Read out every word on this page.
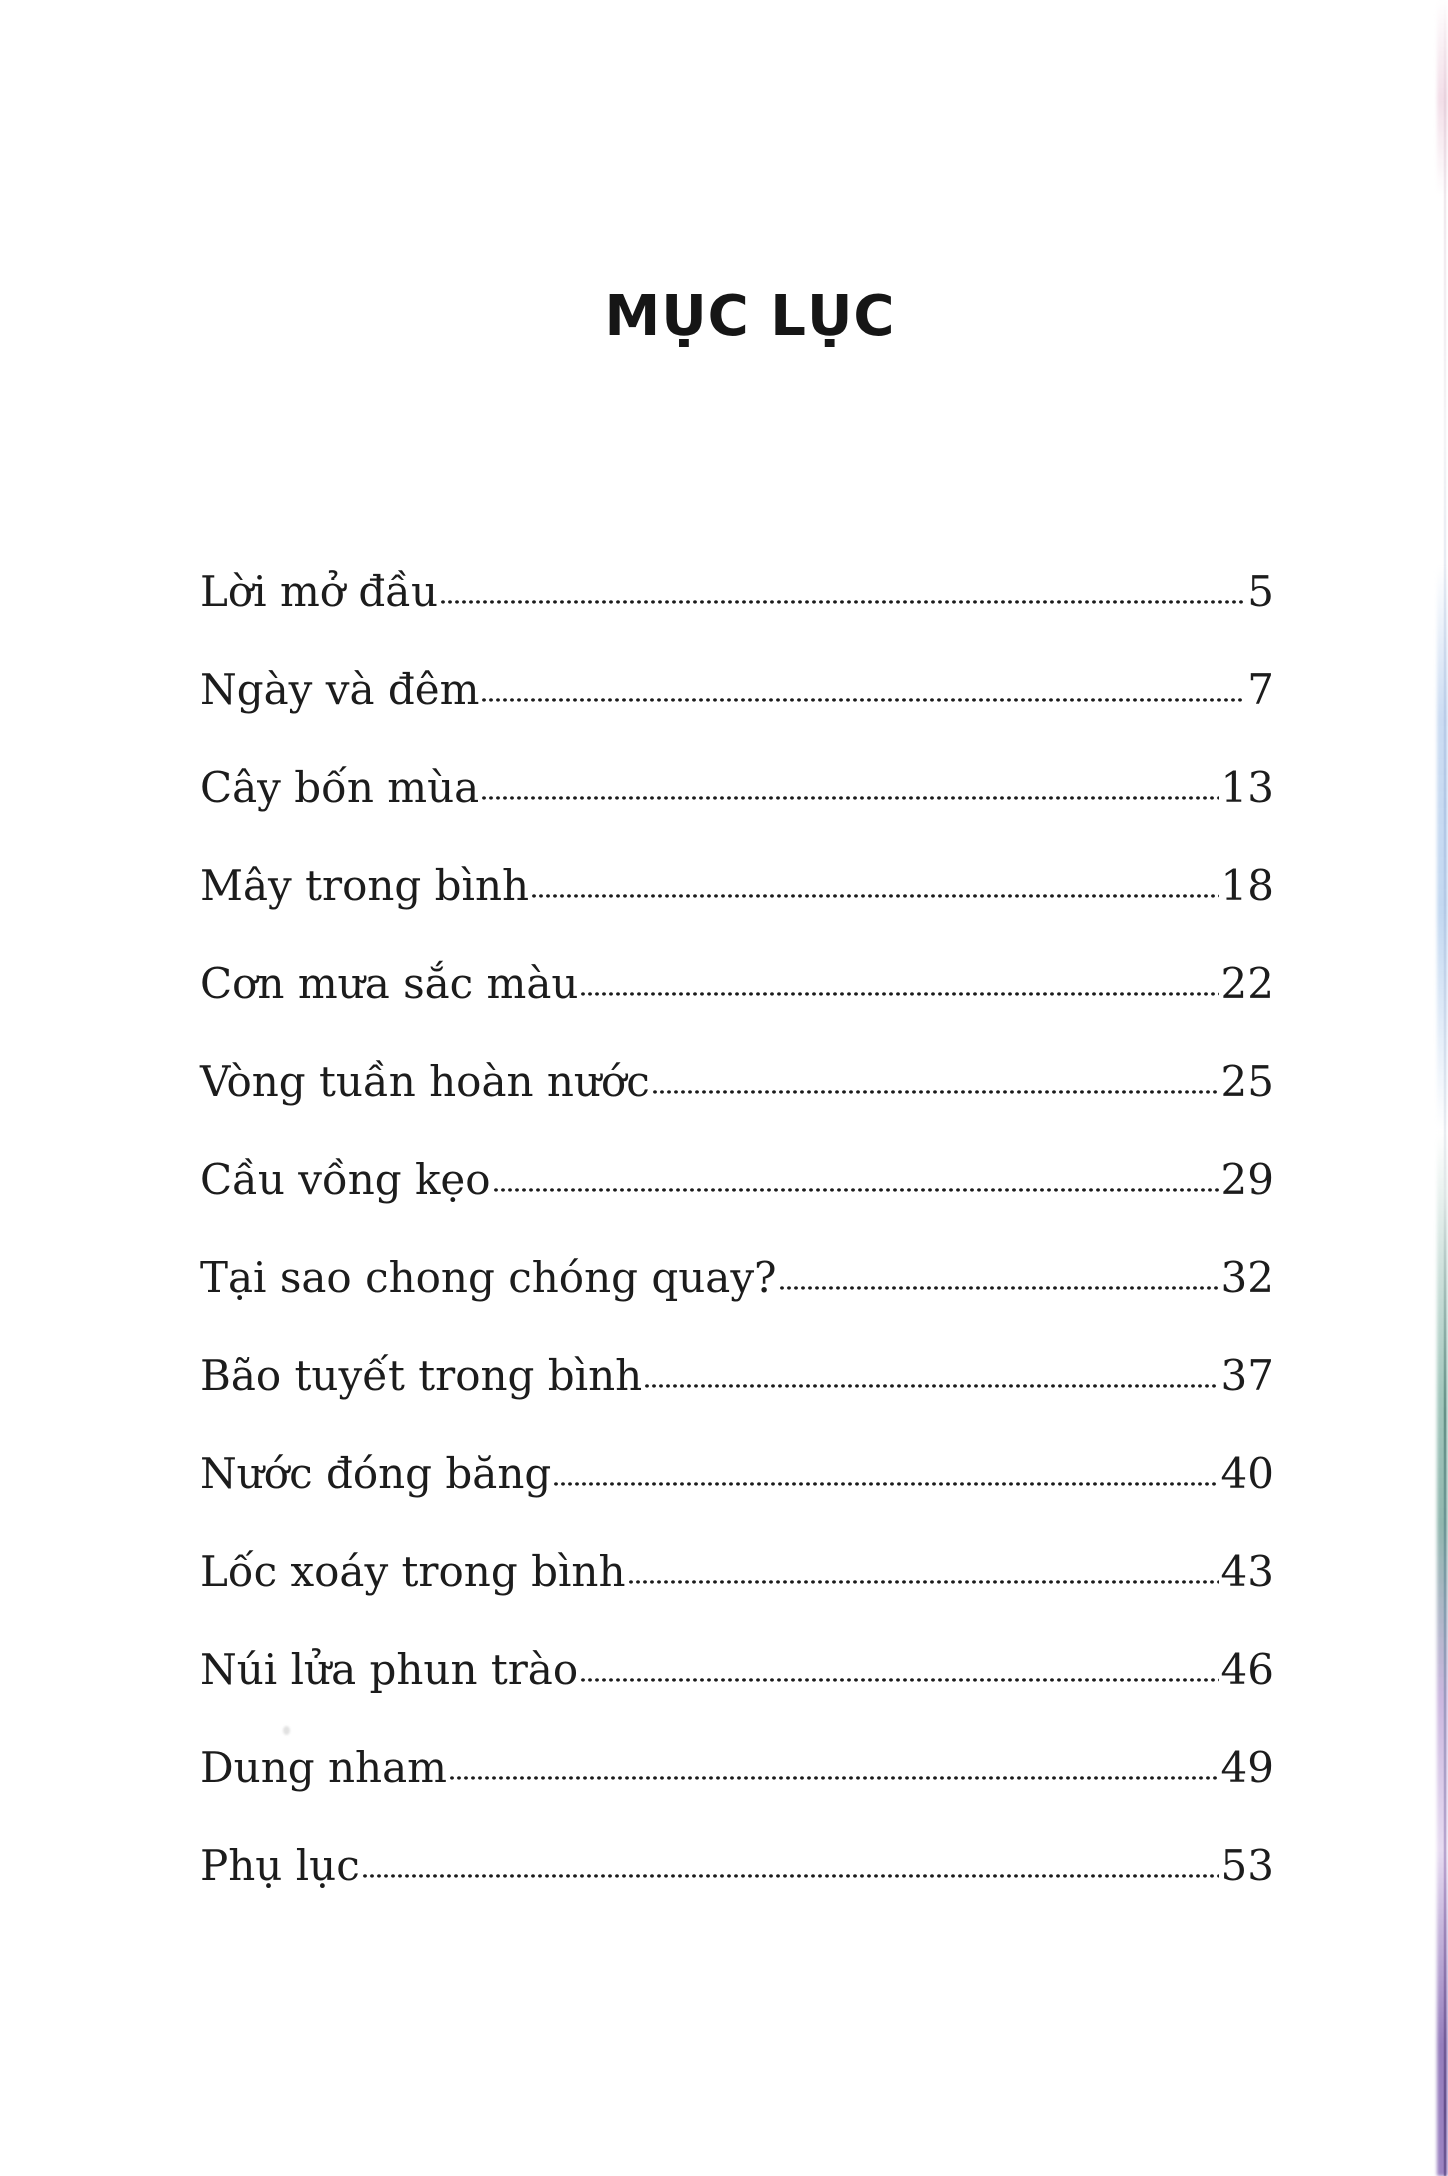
MỤC LỤC
Lời mở đầu	5
Ngày và đêm	7
Cây bốn mùa	13
Mây trong bình	18
Cơn mưa sắc màu	22
Vòng tuần hoàn nước	25
Cầu vồng kẹo	29
Tại sao chong chóng quay?	32
Bão tuyết trong bình	37
Nước đóng băng	40
Lốc xoáy trong bình	43
Núi lửa phun trào	46
Dung nham	49
Phụ lục	53
